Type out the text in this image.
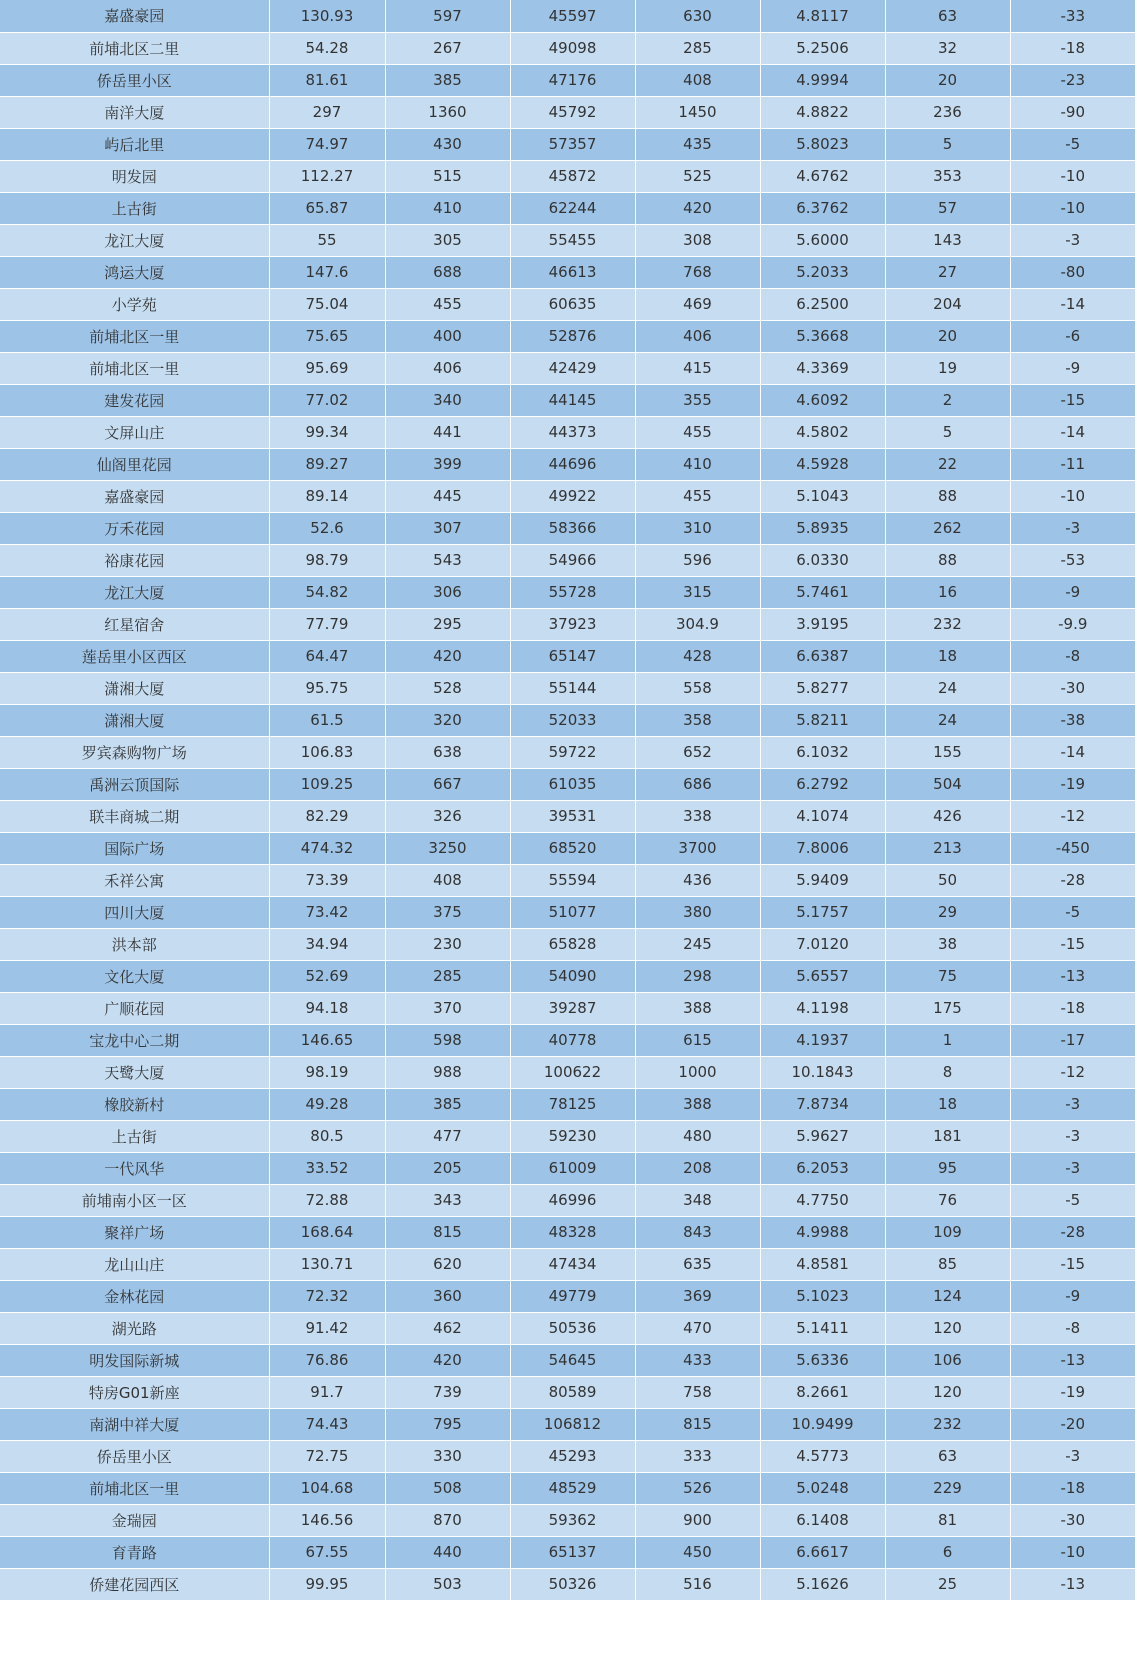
嘉盛豪园	130.93	597	45597	630	4.8117	63	-33
前埔北区二里	54.28	267	49098	285	5.2506	32	-18
侨岳里小区	81.61	385	47176	408	4.9994	20	-23
南洋大厦	297	1360	45792	1450	4.8822	236	-90
屿后北里	74.97	430	57357	435	5.8023	5	-5
明发园	112.27	515	45872	525	4.6762	353	-10
上古街	65.87	410	62244	420	6.3762	57	-10
龙江大厦	55	305	55455	308	5.6000	143	-3
鸿运大厦	147.6	688	46613	768	5.2033	27	-80
小学苑	75.04	455	60635	469	6.2500	204	-14
前埔北区一里	75.65	400	52876	406	5.3668	20	-6
前埔北区一里	95.69	406	42429	415	4.3369	19	-9
建发花园	77.02	340	44145	355	4.6092	2	-15
文屏山庄	99.34	441	44373	455	4.5802	5	-14
仙阁里花园	89.27	399	44696	410	4.5928	22	-11
嘉盛豪园	89.14	445	49922	455	5.1043	88	-10
万禾花园	52.6	307	58366	310	5.8935	262	-3
裕康花园	98.79	543	54966	596	6.0330	88	-53
龙江大厦	54.82	306	55728	315	5.7461	16	-9
红星宿舍	77.79	295	37923	304.9	3.9195	232	-9.9
莲岳里小区西区	64.47	420	65147	428	6.6387	18	-8
潇湘大厦	95.75	528	55144	558	5.8277	24	-30
潇湘大厦	61.5	320	52033	358	5.8211	24	-38
罗宾森购物广场	106.83	638	59722	652	6.1032	155	-14
禹洲云顶国际	109.25	667	61035	686	6.2792	504	-19
联丰商城二期	82.29	326	39531	338	4.1074	426	-12
国际广场	474.32	3250	68520	3700	7.8006	213	-450
禾祥公寓	73.39	408	55594	436	5.9409	50	-28
四川大厦	73.42	375	51077	380	5.1757	29	-5
洪本部	34.94	230	65828	245	7.0120	38	-15
文化大厦	52.69	285	54090	298	5.6557	75	-13
广顺花园	94.18	370	39287	388	4.1198	175	-18
宝龙中心二期	146.65	598	40778	615	4.1937	1	-17
天鹭大厦	98.19	988	100622	1000	10.1843	8	-12
橡胶新村	49.28	385	78125	388	7.8734	18	-3
上古街	80.5	477	59230	480	5.9627	181	-3
一代风华	33.52	205	61009	208	6.2053	95	-3
前埔南小区一区	72.88	343	46996	348	4.7750	76	-5
聚祥广场	168.64	815	48328	843	4.9988	109	-28
龙山山庄	130.71	620	47434	635	4.8581	85	-15
金林花园	72.32	360	49779	369	5.1023	124	-9
湖光路	91.42	462	50536	470	5.1411	120	-8
明发国际新城	76.86	420	54645	433	5.6336	106	-13
特房G01新座	91.7	739	80589	758	8.2661	120	-19
南湖中祥大厦	74.43	795	106812	815	10.9499	232	-20
侨岳里小区	72.75	330	45293	333	4.5773	63	-3
前埔北区一里	104.68	508	48529	526	5.0248	229	-18
金瑞园	146.56	870	59362	900	6.1408	81	-30
育青路	67.55	440	65137	450	6.6617	6	-10
侨建花园西区	99.95	503	50326	516	5.1626	25	-13
